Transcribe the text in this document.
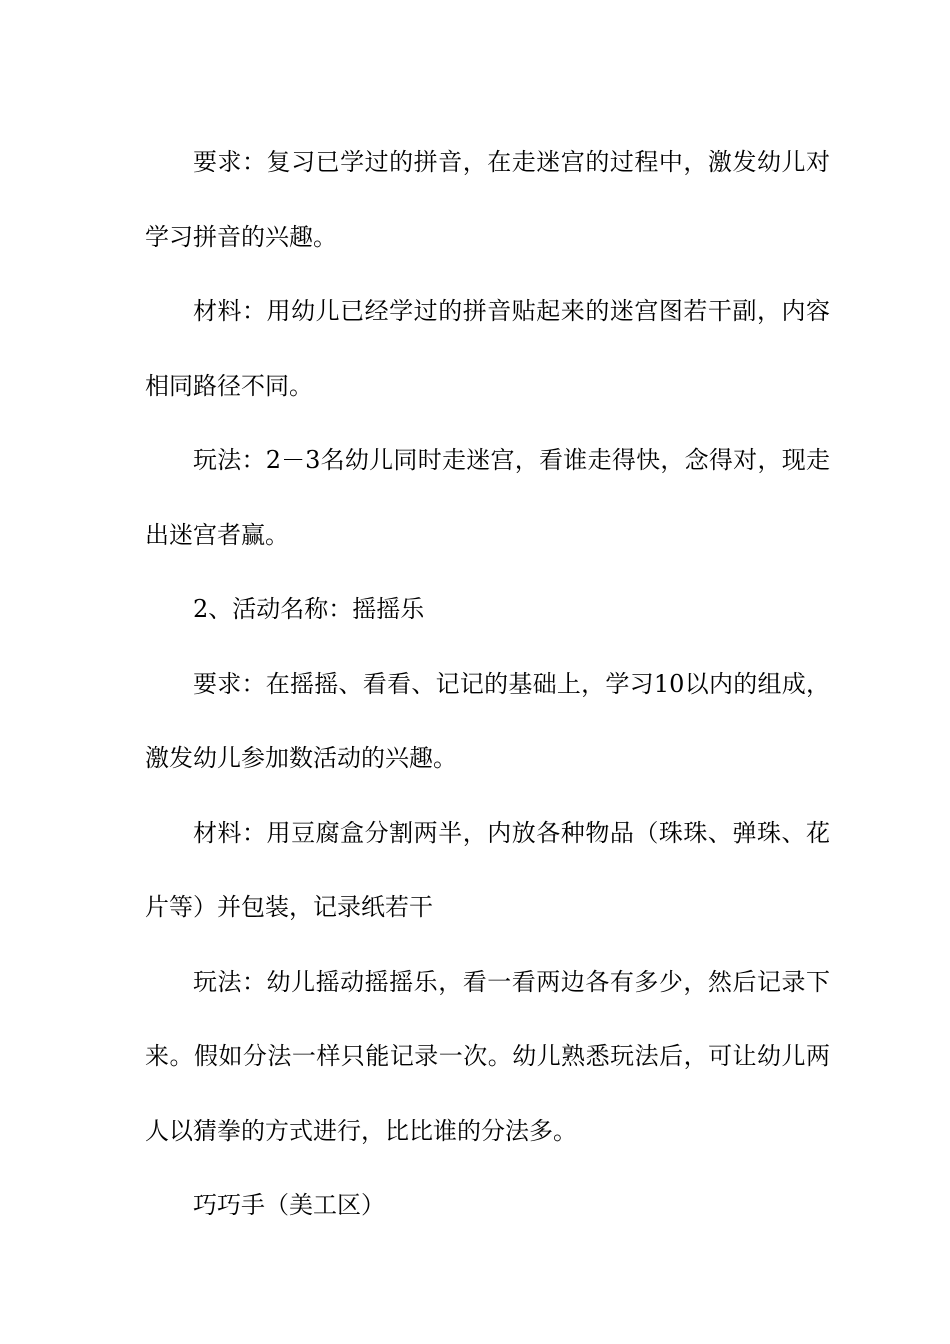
要求：复习已学过的拼音，在走迷宫的过程中，激发幼儿对学习拼音的兴趣。

材料：用幼儿已经学过的拼音贴起来的迷宫图若干副，内容相同路径不同。

玩法：2－3名幼儿同时走迷宫，看谁走得快，念得对，现走出迷宫者赢。

2、活动名称：摇摇乐

要求：在摇摇、看看、记记的基础上，学习10以内的组成，激发幼儿参加数活动的兴趣。

材料：用豆腐盒分割两半，内放各种物品（珠珠、弹珠、花片等）并包装，记录纸若干

玩法：幼儿摇动摇摇乐，看一看两边各有多少，然后记录下来。假如分法一样只能记录一次。幼儿熟悉玩法后，可让幼儿两人以猜拳的方式进行，比比谁的分法多。

巧巧手（美工区）
